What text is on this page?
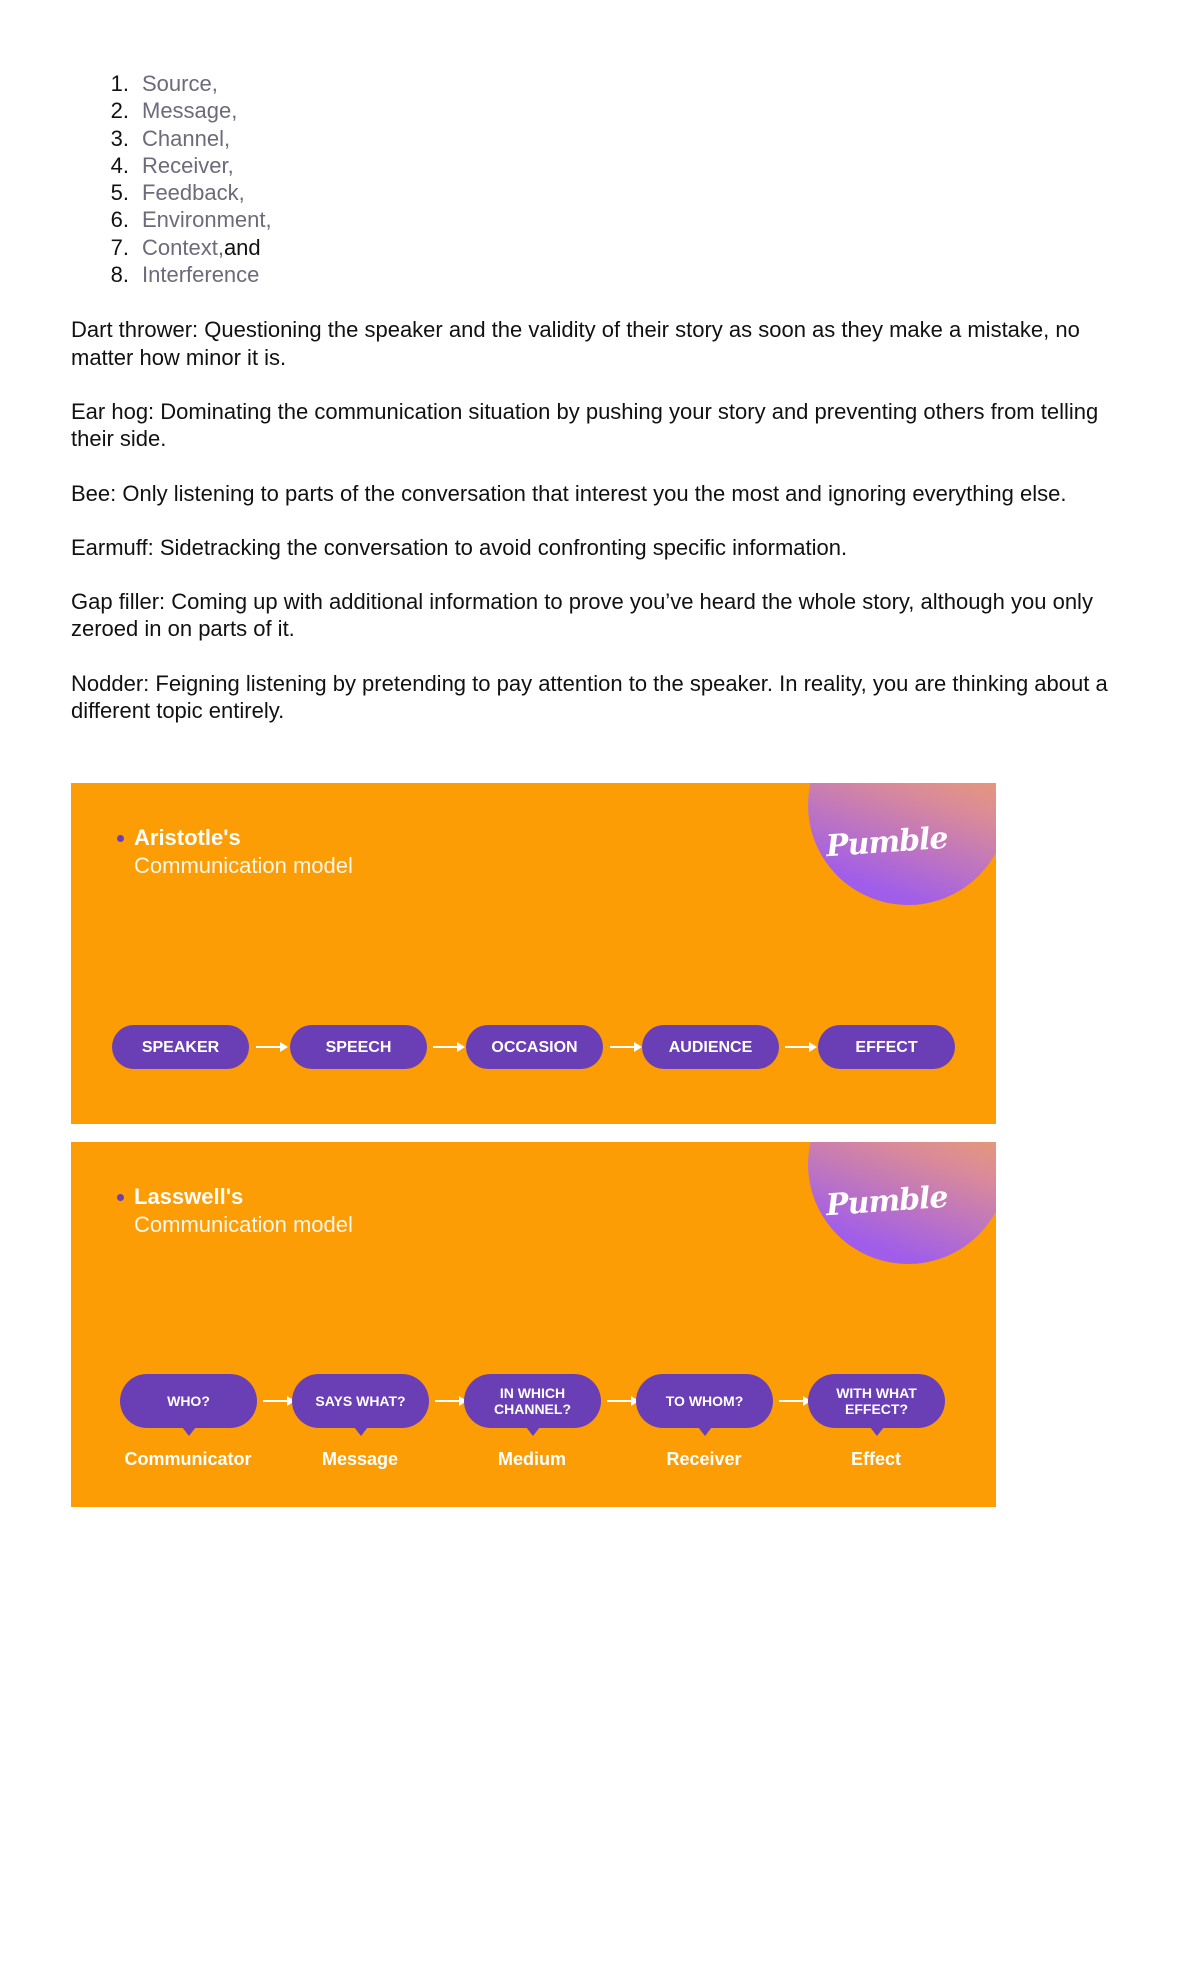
1. Source,
2. Message,
3. Channel,
4. Receiver,
5. Feedback,
6. Environment,
7. Context, and
8. Interference

Dart thrower: Questioning the speaker and the validity of their story as soon as they make a mistake, no matter how minor it is.

Ear hog: Dominating the communication situation by pushing your story and preventing others from telling their side.

Bee: Only listening to parts of the conversation that interest you the most and ignoring everything else.

Earmuff: Sidetracking the conversation to avoid confronting specific information.

Gap filler: Coming up with additional information to prove you’ve heard the whole story, although you only zeroed in on parts of it.

Nodder: Feigning listening by pretending to pay attention to the speaker. In reality, you are thinking about a different topic entirely.

Pumble
Aristotle's
Communication model
SPEAKER	SPEECH	OCCASION	AUDIENCE	EFFECT
Pumble
Lasswell's
Communication model
WHO?	SAYS WHAT?	IN WHICH CHANNEL?	TO WHOM?	WITH WHAT EFFECT?
Communicator	Message	Medium	Receiver	Effect
